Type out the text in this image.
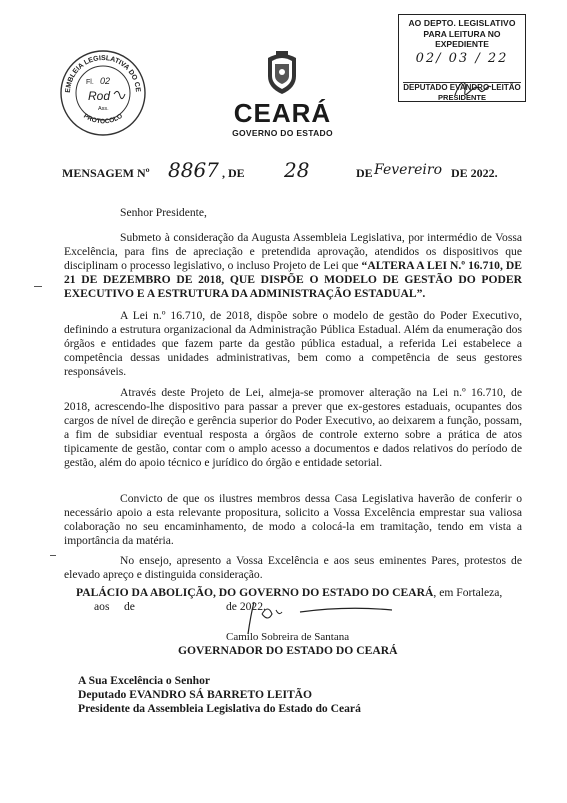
EMBLEIA LEGISLATIVA DO CE
PROTOCOLO
Fl. 02
Rod
Ass.
AO DEPTO. LEGISLATIVO
PARA LEITURA NO EXPEDIENTE
02/ 03 / 22
DEPUTADO EVANDRO LEITÃO
PRESIDENTE
CEARÁ
GOVERNO DO ESTADO
MENSAGEM Nº 8867 , DE 28	DE Fevereiro DE 2022.
Senhor Presidente,
Submeto à consideração da Augusta Assembleia Legislativa, por intermédio de Vossa Excelência, para fins de apreciação e pretendida aprovação, atendidos os dispositivos que disciplinam o processo legislativo, o incluso Projeto de Lei que “ALTERA A LEI N.º 16.710, DE 21 DE DEZEMBRO DE 2018, QUE DISPÕE O MODELO DE GESTÃO DO PODER EXECUTIVO E A ESTRUTURA DA ADMINISTRAÇÃO ESTADUAL”.
A Lei n.º 16.710, de 2018, dispõe sobre o modelo de gestão do Poder Executivo, definindo a estrutura organizacional da Administração Pública Estadual. Além da enumeração dos órgãos e entidades que fazem parte da gestão pública estadual, a referida Lei estabelece a competência dessas unidades administrativas, bem como a competência de seus gestores responsáveis.
Através deste Projeto de Lei, almeja-se promover alteração na Lei n.º 16.710, de 2018, acrescendo-lhe dispositivo para passar a prever que ex-gestores estaduais, ocupantes dos cargos de nível de direção e gerência superior do Poder Executivo, ao deixarem a função, possam, a fim de subsidiar eventual resposta a órgãos de controle externo sobre a prática de atos tipicamente de gestão, contar com o amplo acesso a documentos e dados relativos do período de gestão, além do apoio técnico e jurídico do órgão e entidade setorial.
Convicto de que os ilustres membros dessa Casa Legislativa haverão de conferir o necessário apoio a esta relevante propositura, solicito a Vossa Excelência emprestar sua valiosa colaboração no seu encaminhamento, de modo a colocá-la em tramitação, tendo em vista a importância da matéria.
No ensejo, apresento a Vossa Excelência e aos seus eminentes Pares, protestos de elevado apreço e distinguida consideração.
PALÁCIO DA ABOLIÇÃO, DO GOVERNO DO ESTADO DO CEARÁ, em Fortaleza,
aos de	de 2022.
Camilo Sobreira de Santana
GOVERNADOR DO ESTADO DO CEARÁ
A Sua Excelência o Senhor
Deputado EVANDRO SÁ BARRETO LEITÃO
Presidente da Assembleia Legislativa do Estado do Ceará
